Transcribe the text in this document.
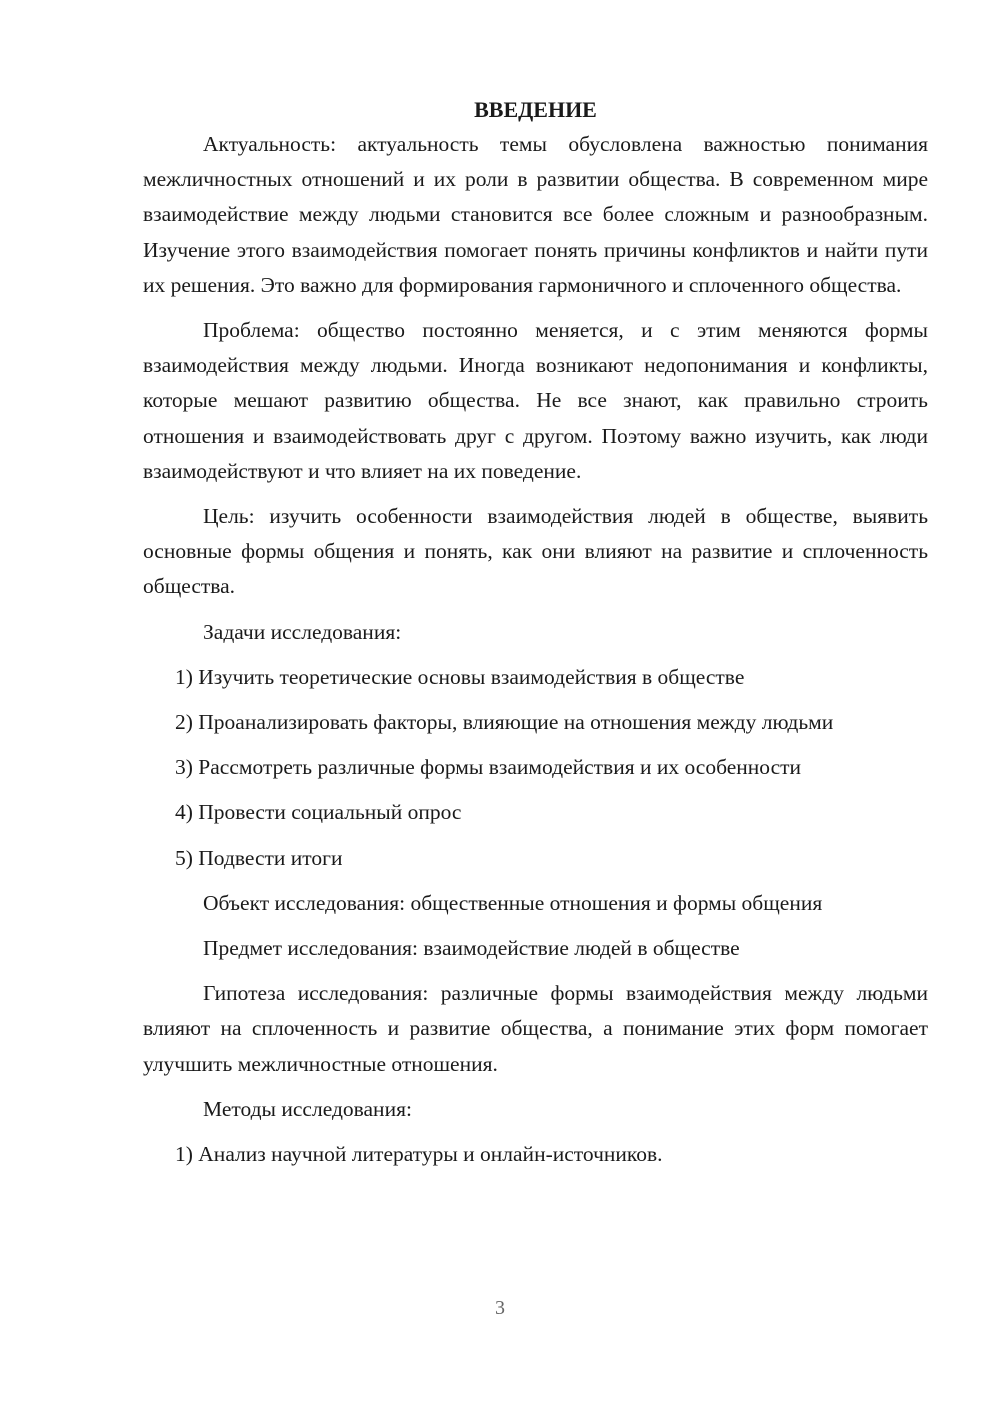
ВВЕДЕНИЕ

Актуальность: актуальность темы обусловлена важностью понимания межличностных отношений и их роли в развитии общества. В современном мире взаимодействие между людьми становится все более сложным и разнообразным. Изучение этого взаимодействия помогает понять причины конфликтов и найти пути их решения. Это важно для формирования гармоничного и сплоченного общества.

Проблема: общество постоянно меняется, и с этим меняются формы взаимодействия между людьми. Иногда возникают недопонимания и конфликты, которые мешают развитию общества. Не все знают, как правильно строить отношения и взаимодействовать друг с другом. Поэтому важно изучить, как люди взаимодействуют и что влияет на их поведение.

Цель: изучить особенности взаимодействия людей в обществе, выявить основные формы общения и понять, как они влияют на развитие и сплоченность общества.

Задачи исследования:

1) Изучить теоретические основы взаимодействия в обществе

2) Проанализировать факторы, влияющие на отношения между людьми

3) Рассмотреть различные формы взаимодействия и их особенности

4) Провести социальный опрос

5) Подвести итоги

Объект исследования: общественные отношения и формы общения

Предмет исследования: взаимодействие людей в обществе

Гипотеза исследования: различные формы взаимодействия между людьми влияют на сплоченность и развитие общества, а понимание этих форм помогает улучшить межличностные отношения.

Методы исследования:

1) Анализ научной литературы и онлайн-источников.

3
